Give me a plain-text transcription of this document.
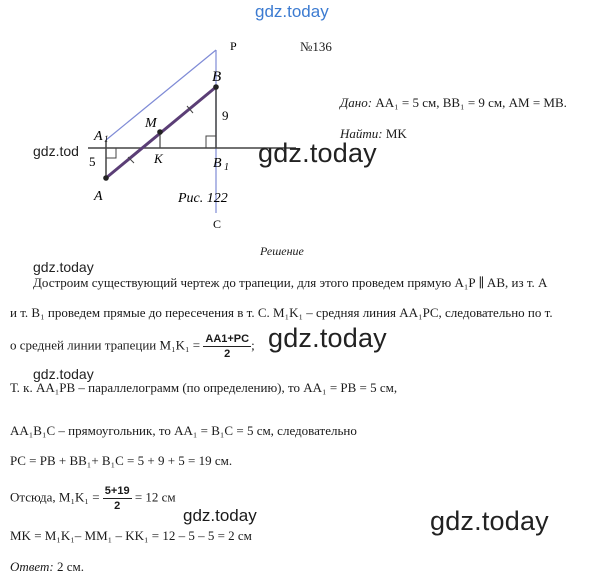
gdz.today
P
C
B
M
A 1
B 1
K
A
9
5
Рис. 122
gdz.tod
№136
Дано: AA₁ = 5 см, BB₁ = 9 см, AM = MB.
Найти: MK
gdz.today
Решение
gdz.today
Достроим существующий чертеж до трапеции, для этого проведем прямую A₁P ∥ AB, из т. A
и т. B₁ проведем прямые до пересечения в т. C. M₁K₁ – средняя линия AA₁PC, следовательно по т.
о средней линии трапеции $M_1K_1 = \frac{AA1+PC}{2}$ ; gdz.today
gdz.today
Т. к. AA₁PB – параллелограмм (по определению), то AA₁ = PB = 5 см,
AA₁B₁C – прямоугольник, то AA₁ = B₁C = 5 см, следовательно
PC = PB + BB₁+ B₁C = 5 + 9 + 5 = 19 см.
Отсюда, $M_1K_1 = \frac{5+19}{2} = 12$ см
gdz.today	gdz.today
MK = M₁K₁– MM₁ – KK₁ = 12 – 5 – 5 = 2 см
Ответ: 2 см.
